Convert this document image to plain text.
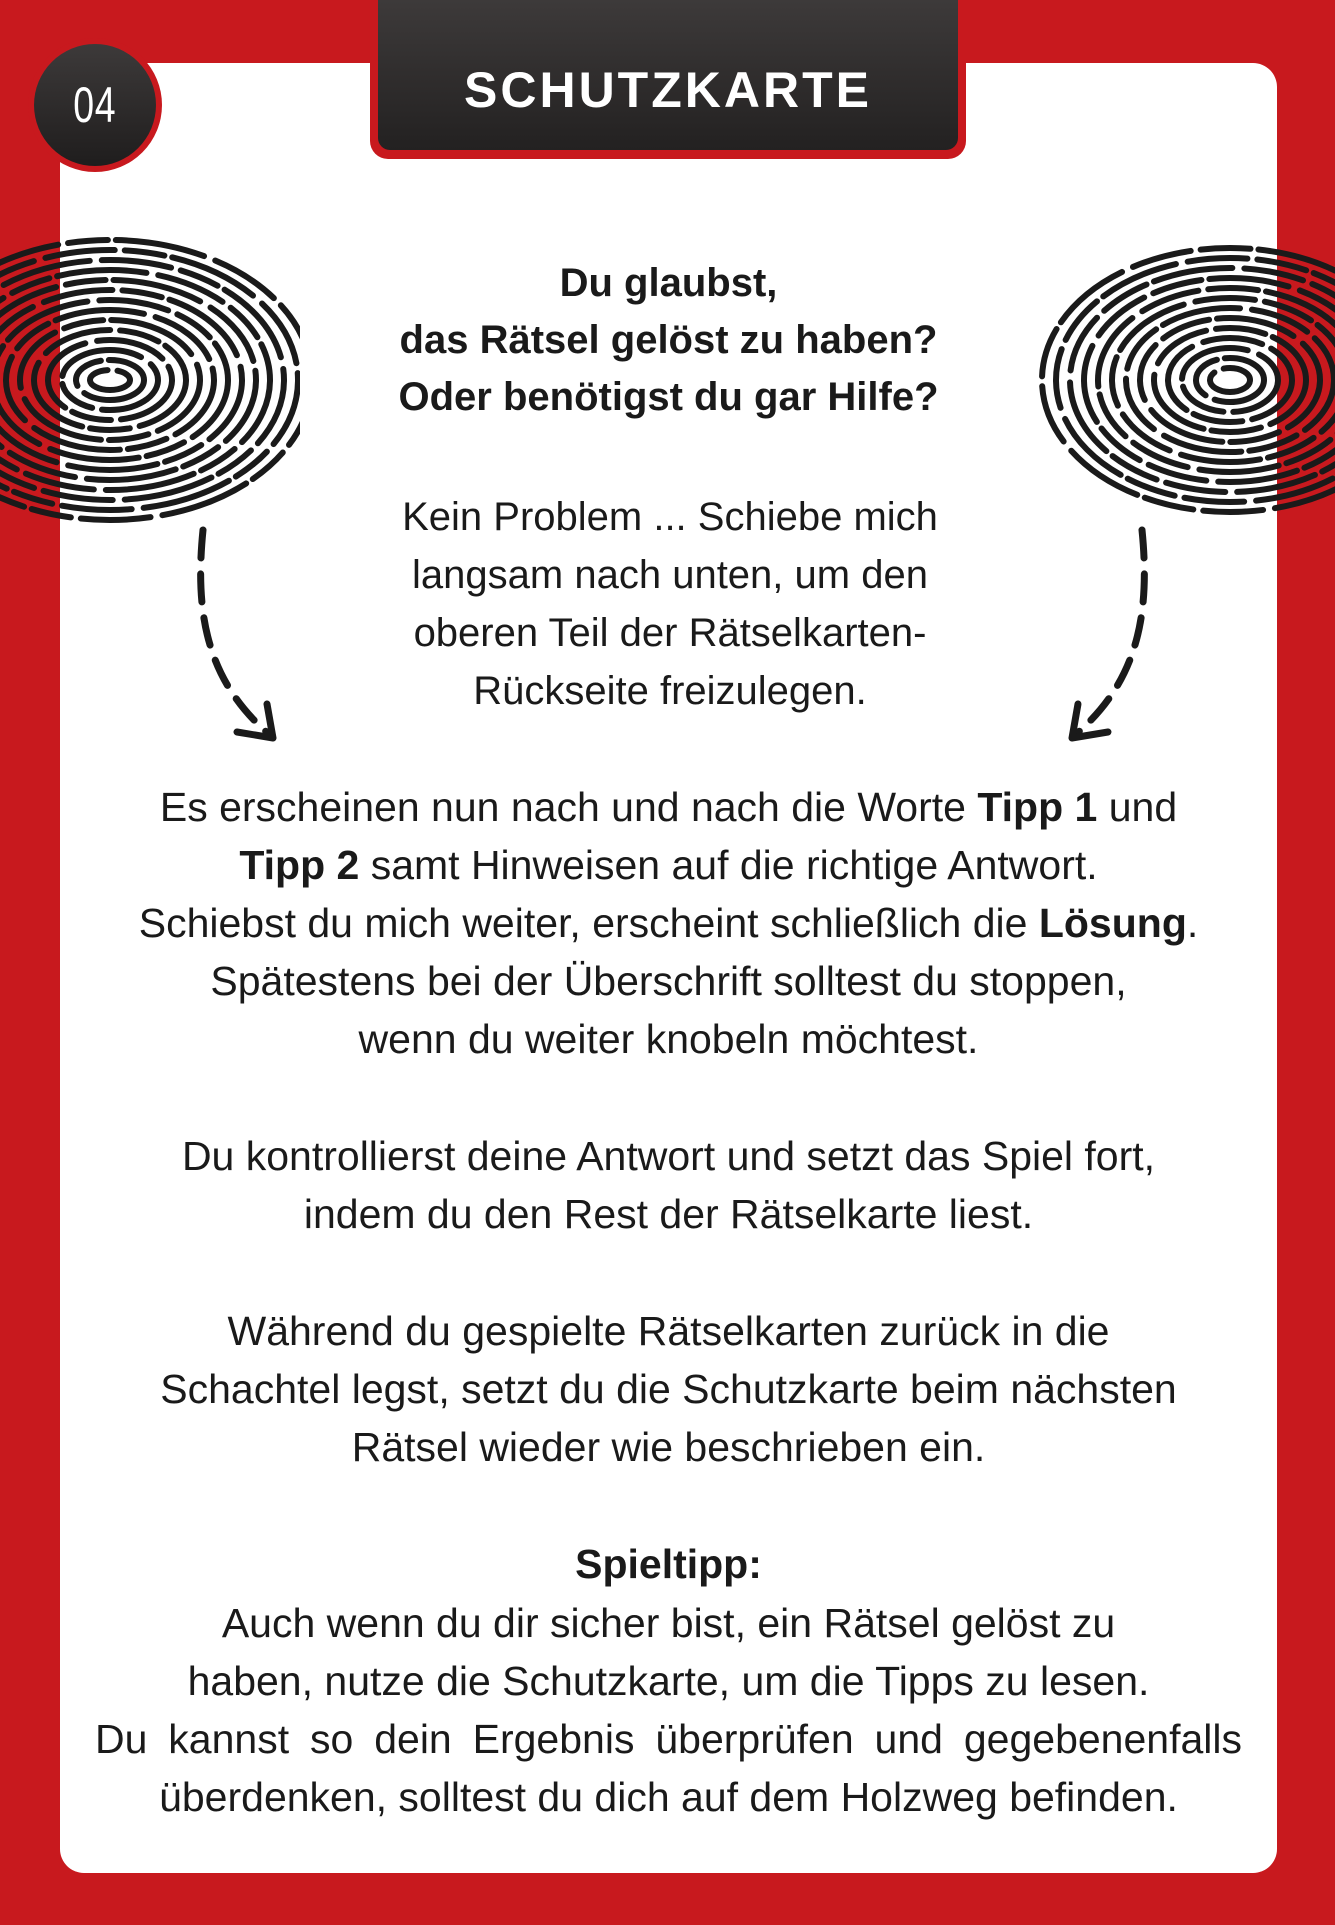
SCHUTZKARTE
04
Du glaubst,
das Rätsel gelöst zu haben?
Oder benötigst du gar Hilfe?
Kein Problem ... Schiebe mich
langsam nach unten, um den
oberen Teil der Rätselkarten-
Rückseite freizulegen.
Es erscheinen nun nach und nach die Worte Tipp 1 und
Tipp 2 samt Hinweisen auf die richtige Antwort.
Schiebst du mich weiter, erscheint schließlich die Lösung.
Spätestens bei der Überschrift solltest du stoppen,
wenn du weiter knobeln möchtest.
Du kontrollierst deine Antwort und setzt das Spiel fort,
indem du den Rest der Rätselkarte liest.
Während du gespielte Rätselkarten zurück in die
Schachtel legst, setzt du die Schutzkarte beim nächsten
Rätsel wieder wie beschrieben ein.
Spieltipp:
Auch wenn du dir sicher bist, ein Rätsel gelöst zu
haben, nutze die Schutzkarte, um die Tipps zu lesen.
Du kannst so dein Ergebnis überprüfen und gegebenenfalls
überdenken, solltest du dich auf dem Holzweg befinden.
